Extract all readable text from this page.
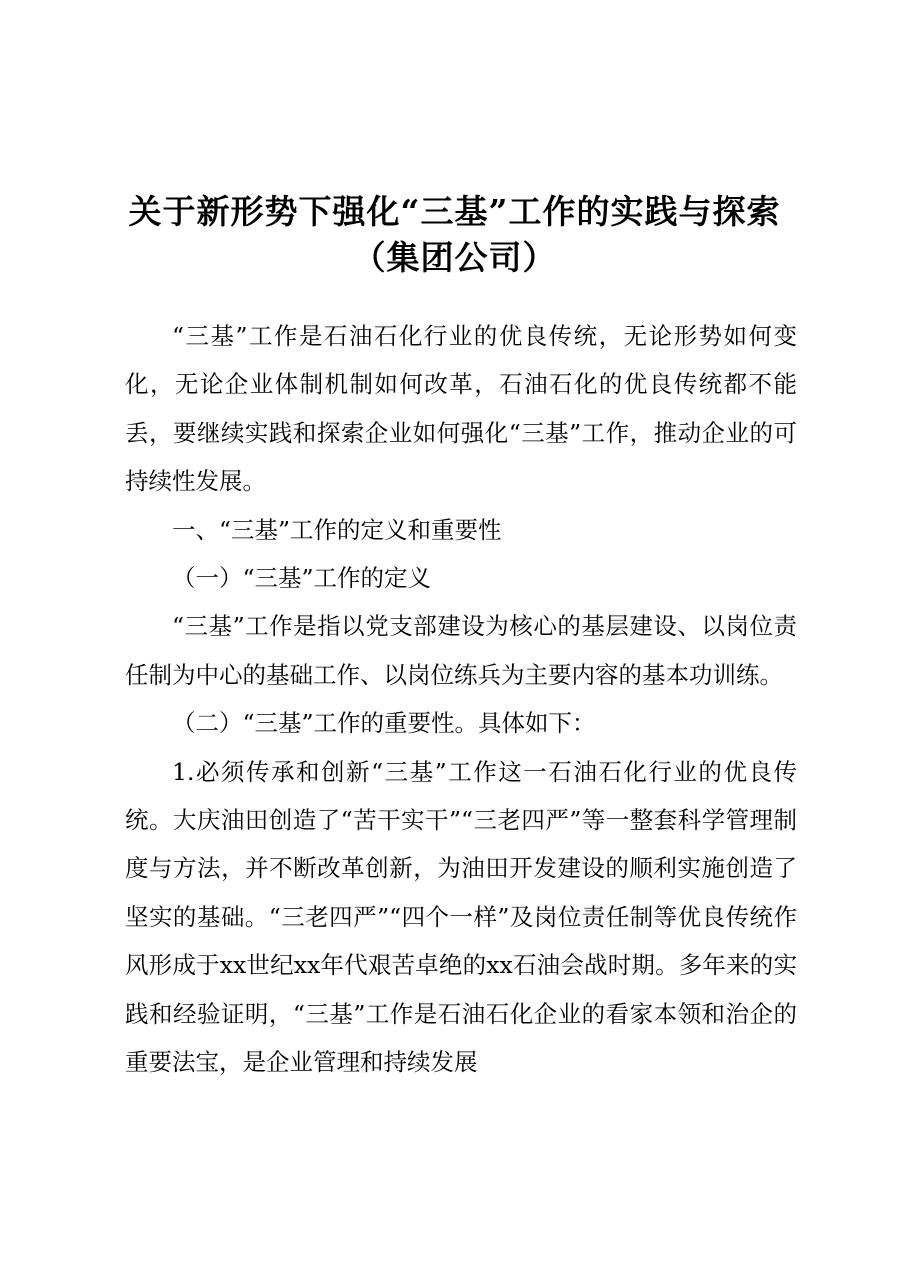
关于新形势下强化“三基”工作的实践与探索
（集团公司）

“三基”工作是石油石化行业的优良传统，无论形势如何变化，无论企业体制机制如何改革，石油石化的优良传统都不能丢，要继续实践和探索企业如何强化“三基”工作，推动企业的可持续性发展。

一、“三基”工作的定义和重要性

（一）“三基”工作的定义

“三基”工作是指以党支部建设为核心的基层建设、以岗位责任制为中心的基础工作、以岗位练兵为主要内容的基本功训练。

（二）“三基”工作的重要性。具体如下：

1.必须传承和创新“三基”工作这一石油石化行业的优良传统。大庆油田创造了“苦干实干”“三老四严”等一整套科学管理制度与方法，并不断改革创新，为油田开发建设的顺利实施创造了坚实的基础。“三老四严”“四个一样”及岗位责任制等优良传统作风形成于xx世纪xx年代艰苦卓绝的xx石油会战时期。多年来的实践和经验证明，“三基”工作是石油石化企业的看家本领和治企的重要法宝，是企业管理和持续发展
